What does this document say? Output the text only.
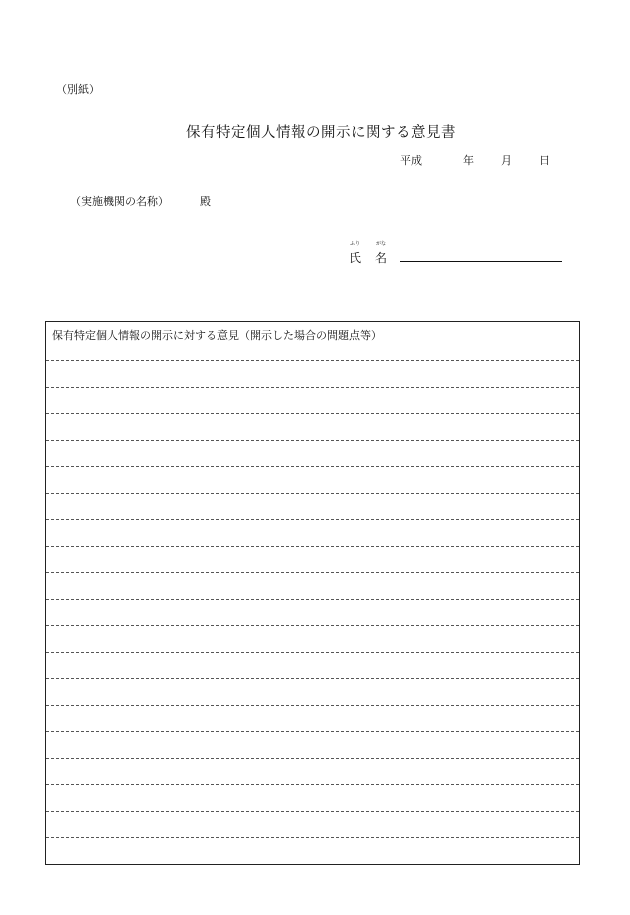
（別紙）
保有特定個人情報の開示に関する意見書
平成	年 月 日
（実施機関の名称）	殿
ふり	がな
氏 名
保有特定個人情報の開示に対する意見（開示した場合の問題点等）
